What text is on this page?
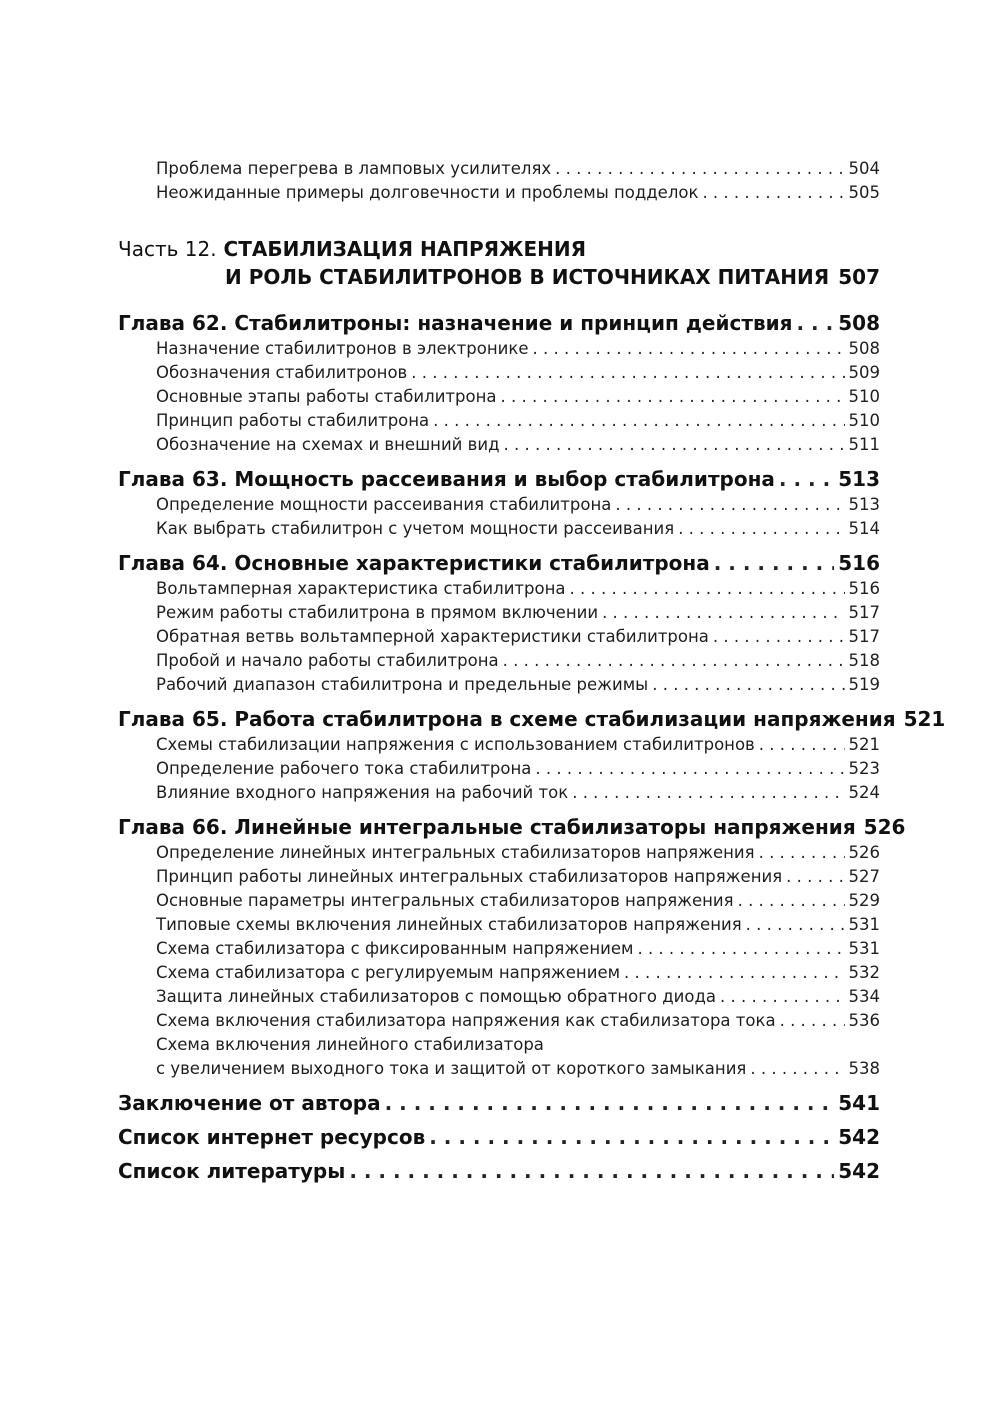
Проблема перегрева в ламповых усилителях . . .	504
Неожиданные примеры долговечности и проблемы подделок . . .	505
Часть 12. СТАБИЛИЗАЦИЯ НАПРЯЖЕНИЯ
И РОЛЬ СТАБИЛИТРОНОВ В ИСТОЧНИКАХ ПИТАНИЯ . . . 507
Глава 62. Стабилитроны: назначение и принцип действия . . . 508
Назначение стабилитронов в электронике . . .	508
Обозначения стабилитронов . . .	509
Основные этапы работы стабилитрона . . .	510
Принцип работы стабилитрона . . .	510
Обозначение на схемах и внешний вид . . .	511
Глава 63. Мощность рассеивания и выбор стабилитрона . . .	513
Определение мощности рассеивания стабилитрона . . .	513
Как выбрать стабилитрон с учетом мощности рассеивания . . .	514
Глава 64. Основные характеристики стабилитрона . . .	516
Вольтамперная характеристика стабилитрона . . .	516
Режим работы стабилитрона в прямом включении . . .	517
Обратная ветвь вольтамперной характеристики стабилитрона . . .	517
Пробой и начало работы стабилитрона . . .	518
Рабочий диапазон стабилитрона и предельные режимы . . .	519
Глава 65. Работа стабилитрона в схеме стабилизации напряжения 521
Схемы стабилизации напряжения с использованием стабилитронов . . .	521
Определение рабочего тока стабилитрона . . .	523
Влияние входного напряжения на рабочий ток . . .	524
Глава 66. Линейные интегральные стабилизаторы напряжения 526
Определение линейных интегральных стабилизаторов напряжения . . .	526
Принцип работы линейных интегральных стабилизаторов напряжения . . .	527
Основные параметры интегральных стабилизаторов напряжения . . .	529
Типовые схемы включения линейных стабилизаторов напряжения . . .	531
Схема стабилизатора с фиксированным напряжением . . .	531
Схема стабилизатора с регулируемым напряжением . . .	532
Защита линейных стабилизаторов с помощью обратного диода . . .	534
Схема включения стабилизатора напряжения как стабилизатора тока . . .	536
Схема включения линейного стабилизатора
с увеличением выходного тока и защитой от короткого замыкания . . .	538
Заключение от автора . . .	541
Список интернет ресурсов . . .	542
Список литературы . . .	542
